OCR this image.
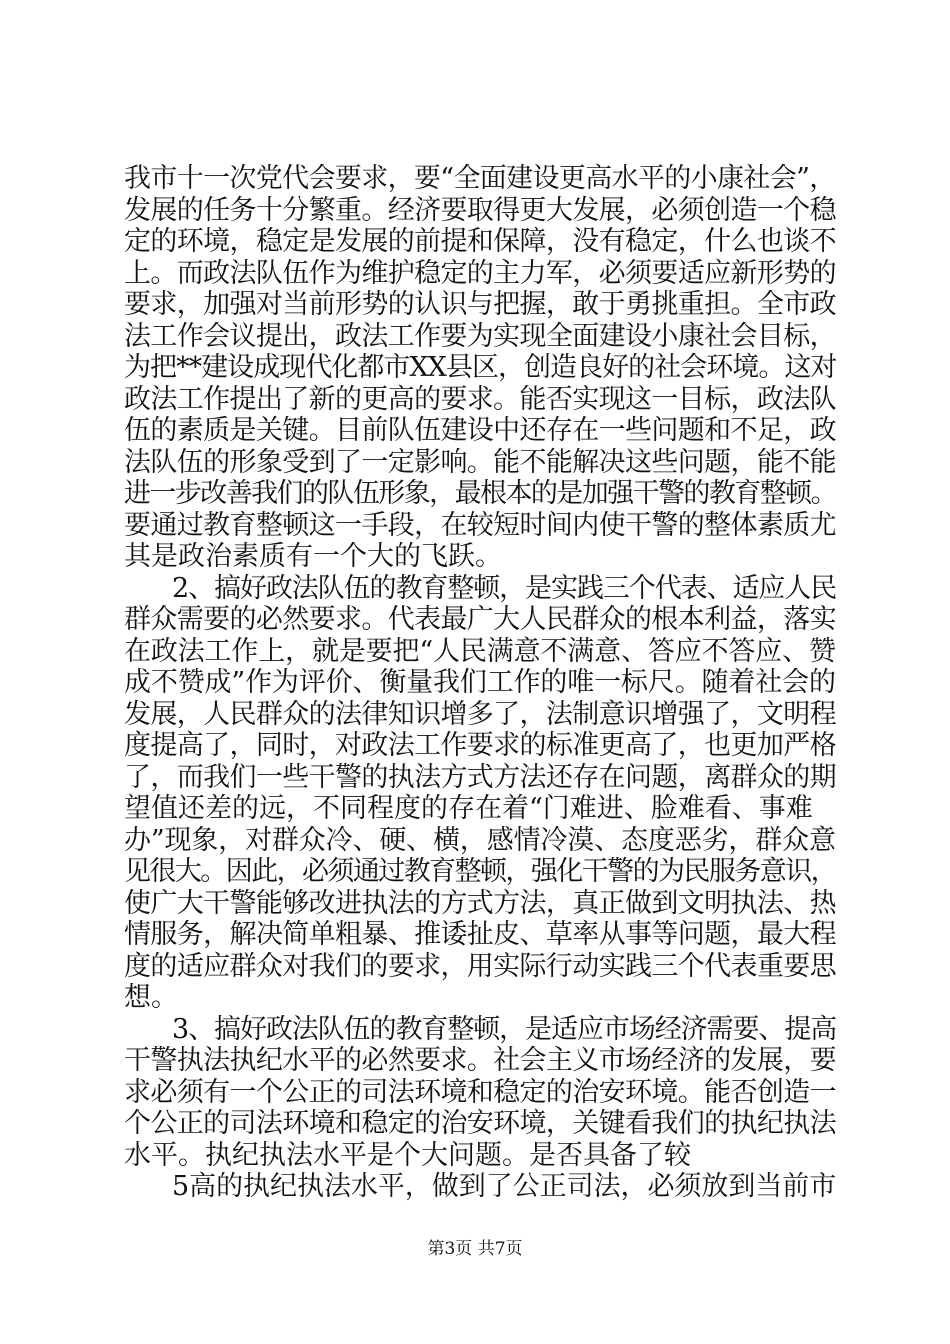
我市十一次党代会要求，要“全面建设更高水平的小康社会”，
发展的任务十分繁重。经济要取得更大发展，必须创造一个稳
定的环境，稳定是发展的前提和保障，没有稳定，什么也谈不
上。而政法队伍作为维护稳定的主力军，必须要适应新形势的
要求，加强对当前形势的认识与把握，敢于勇挑重担。全市政
法工作会议提出，政法工作要为实现全面建设小康社会目标，
为把**建设成现代化都市XX县区，创造良好的社会环境。这对
政法工作提出了新的更高的要求。能否实现这一目标，政法队
伍的素质是关键。目前队伍建设中还存在一些问题和不足，政
法队伍的形象受到了一定影响。能不能解决这些问题，能不能
进一步改善我们的队伍形象，最根本的是加强干警的教育整顿。
要通过教育整顿这一手段，在较短时间内使干警的整体素质尤
其是政治素质有一个大的飞跃。
2、搞好政法队伍的教育整顿，是实践三个代表、适应人民
群众需要的必然要求。代表最广大人民群众的根本利益，落实
在政法工作上，就是要把“人民满意不满意、答应不答应、赞
成不赞成”作为评价、衡量我们工作的唯一标尺。随着社会的
发展，人民群众的法律知识增多了，法制意识增强了，文明程
度提高了，同时，对政法工作要求的标准更高了，也更加严格
了，而我们一些干警的执法方式方法还存在问题，离群众的期
望值还差的远，不同程度的存在着“门难进、脸难看、事难
办”现象，对群众冷、硬、横，感情冷漠、态度恶劣，群众意
见很大。因此，必须通过教育整顿，强化干警的为民服务意识，
使广大干警能够改进执法的方式方法，真正做到文明执法、热
情服务，解决简单粗暴、推诿扯皮、草率从事等问题，最大程
度的适应群众对我们的要求，用实际行动实践三个代表重要思
想。
3、搞好政法队伍的教育整顿，是适应市场经济需要、提高
干警执法执纪水平的必然要求。社会主义市场经济的发展，要
求必须有一个公正的司法环境和稳定的治安环境。能否创造一
个公正的司法环境和稳定的治安环境，关键看我们的执纪执法
水平。执纪执法水平是个大问题。是否具备了较
5高的执纪执法水平，做到了公正司法，必须放到当前市
第3页 共7页
